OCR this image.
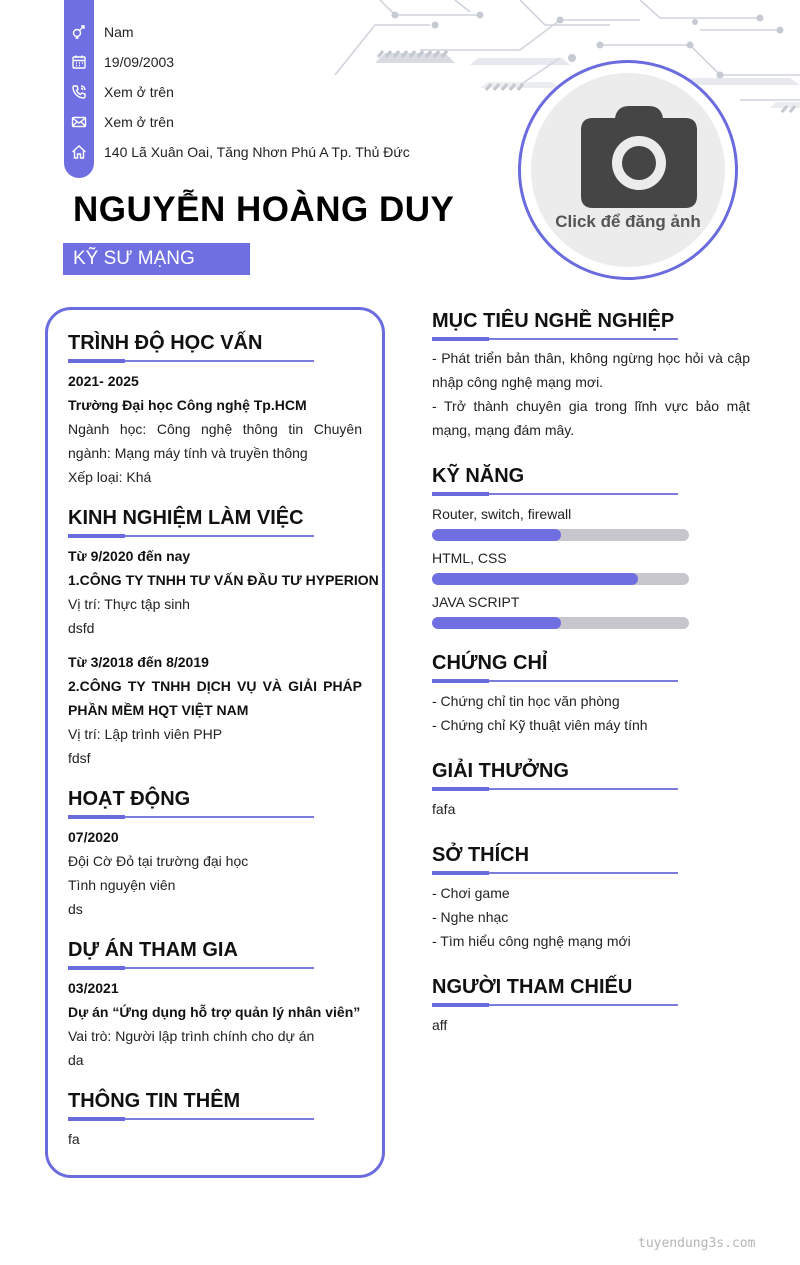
Nam
19/09/2003
Xem ở trên
Xem ở trên
140 Lã Xuân Oai, Tăng Nhơn Phú A Tp. Thủ Đức
NGUYỄN HOÀNG DUY
KỸ SƯ MẠNG
Click để đăng ảnh
TRÌNH ĐỘ HỌC VẤN
2021- 2025
Trường Đại học Công nghệ Tp.HCM
Ngành học: Công nghệ thông tin Chuyên
ngành: Mạng máy tính và truyền thông
Xếp loại: Khá
KINH NGHIỆM LÀM VIỆC
Từ 9/2020 đến nay
1.CÔNG TY TNHH TƯ VẤN ĐẦU TƯ HYPERION
Vị trí: Thực tập sinh
dsfd
Từ 3/2018 đến 8/2019
2.CÔNG TY TNHH DỊCH VỤ VÀ GIẢI PHÁP
PHẦN MỀM HQT VIỆT NAM
Vị trí: Lập trình viên PHP
fdsf
HOẠT ĐỘNG
07/2020
Đội Cờ Đỏ tại trường đại học
Tình nguyện viên
ds
DỰ ÁN THAM GIA
03/2021
Dự án “Ứng dụng hỗ trợ quản lý nhân viên”
Vai trò: Người lập trình chính cho dự án
da
THÔNG TIN THÊM
fa
MỤC TIÊU NGHỀ NGHIỆP
- Phát triển bản thân, không ngừng học hỏi và cập
nhập công nghệ mạng mơi.
- Trở thành chuyên gia trong lĩnh vực bảo mật
mạng, mạng đám mây.
KỸ NĂNG
Router, switch, firewall
HTML, CSS
JAVA SCRIPT
CHỨNG CHỈ
- Chứng chỉ tin học văn phòng
- Chứng chỉ Kỹ thuật viên máy tính
GIẢI THƯỞNG
fafa
SỞ THÍCH
- Chơi game
- Nghe nhạc
- Tìm hiểu công nghệ mạng mới
NGƯỜI THAM CHIẾU
aff
tuyendung3s.com
